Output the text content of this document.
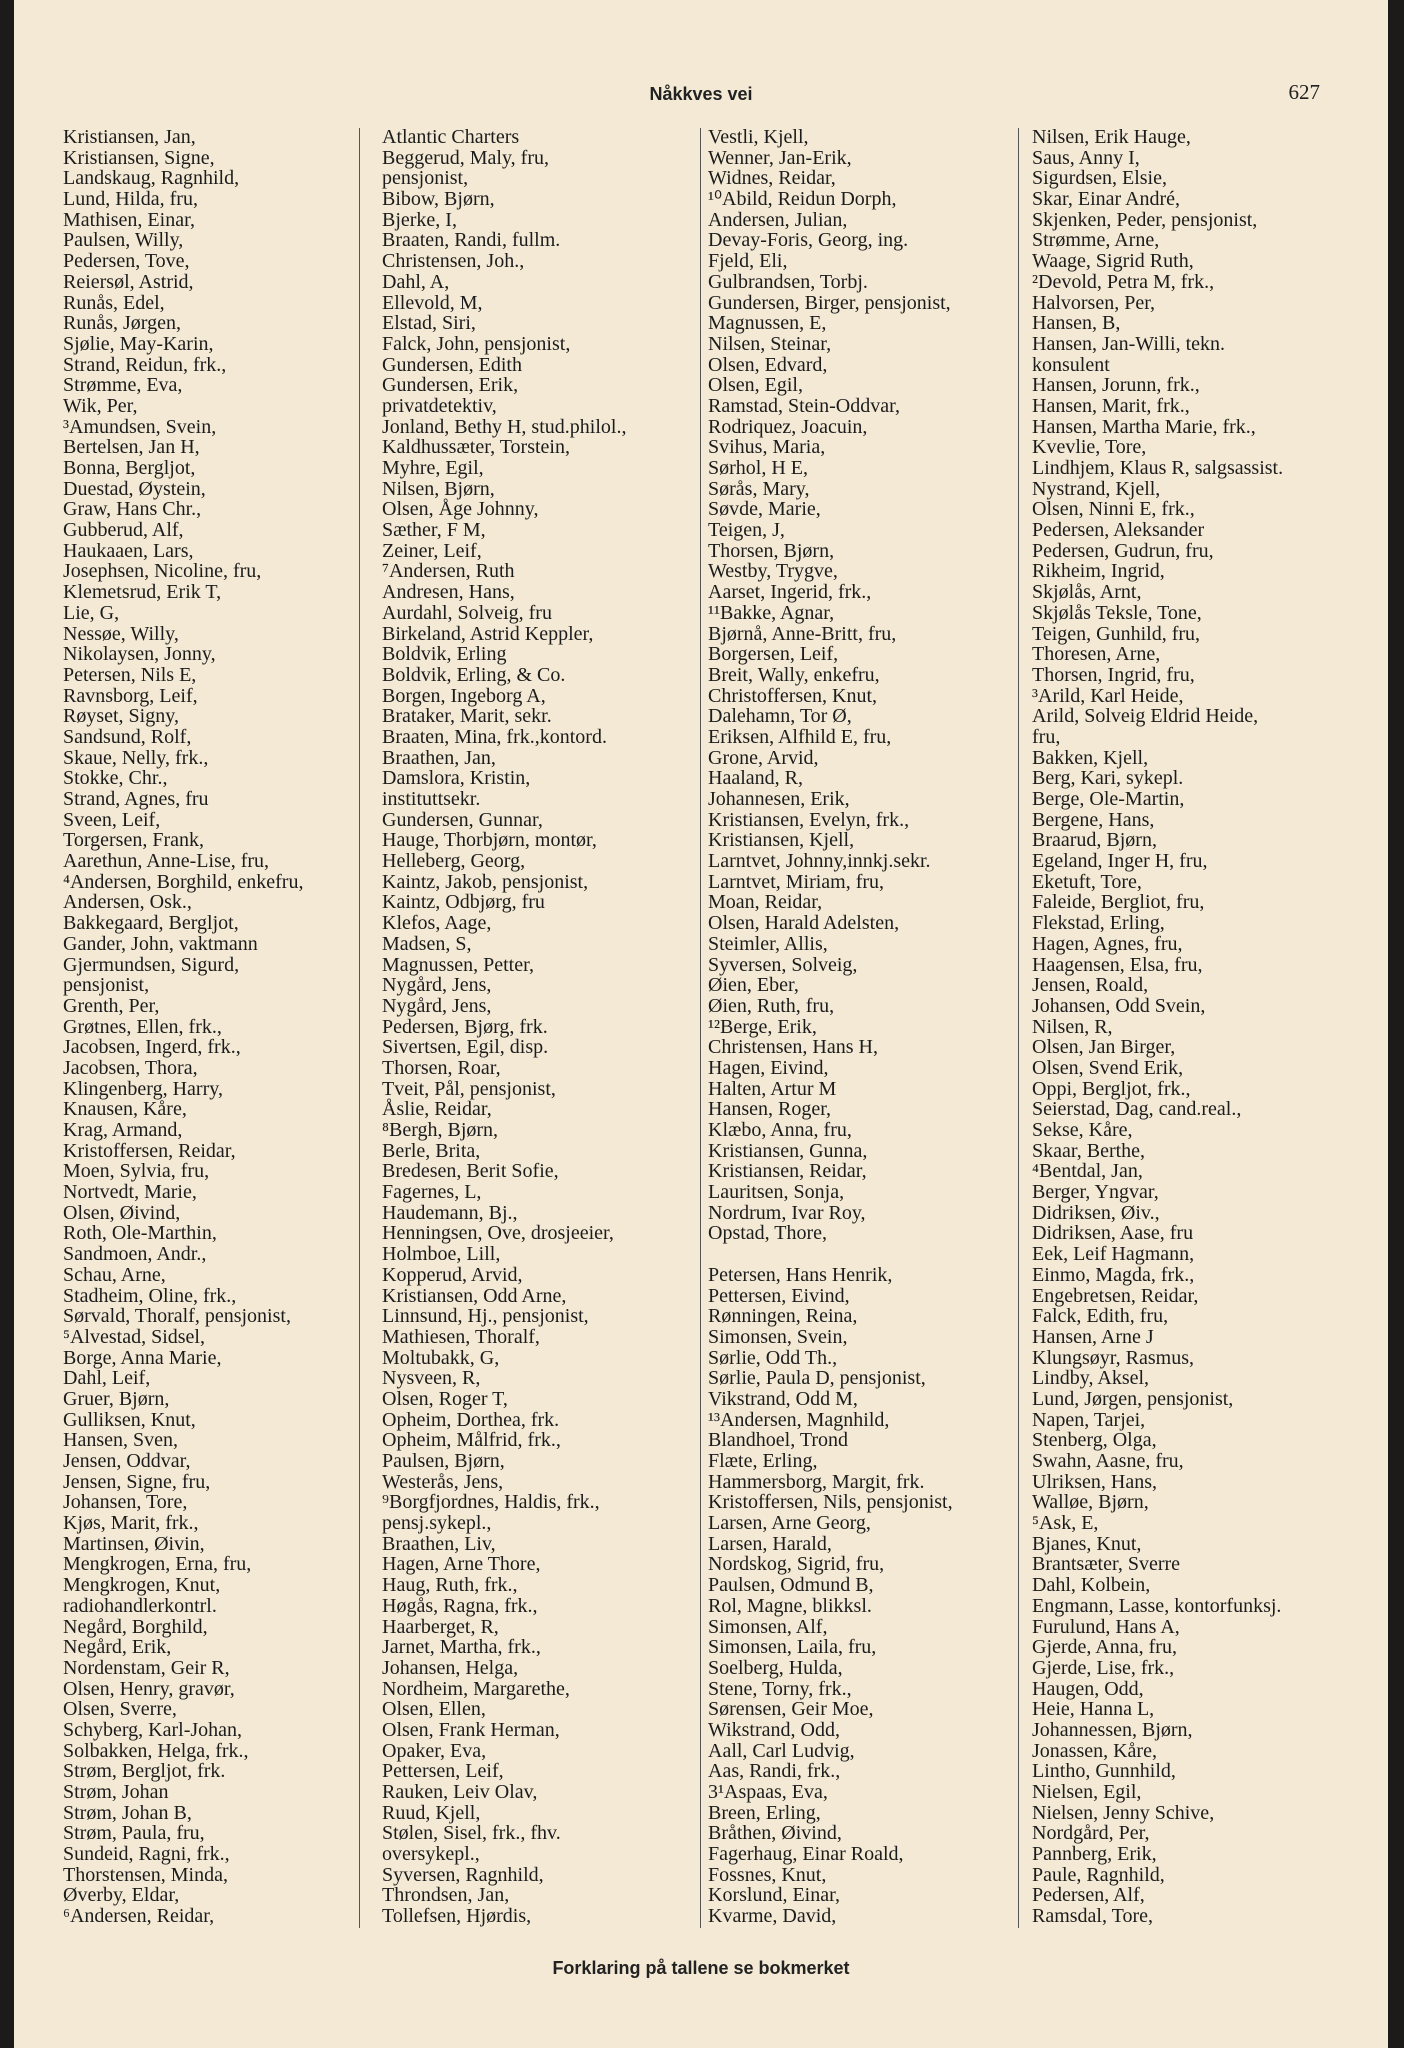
Nåkkves vei	627
Kristiansen, Jan,
Kristiansen, Signe,
Landskaug, Ragnhild,
Lund, Hilda, fru,
Mathisen, Einar,
Paulsen, Willy,
Pedersen, Tove,
Reiersøl, Astrid,
Runås, Edel,
Runås, Jørgen,
Sjølie, May-Karin,
Strand, Reidun, frk.,
Strømme, Eva,
Wik, Per,
³Amundsen, Svein,
Bertelsen, Jan H,
Bonna, Bergljot,
Duestad, Øystein,
Graw, Hans Chr.,
Gubberud, Alf,
Haukaaen, Lars,
Josephsen, Nicoline, fru,
Klemetsrud, Erik T,
Lie, G,
Nessøe, Willy,
Nikolaysen, Jonny,
Petersen, Nils E,
Ravnsborg, Leif,
Røyset, Signy,
Sandsund, Rolf,
Skaue, Nelly, frk.,
Stokke, Chr.,
Strand, Agnes, fru
Sveen, Leif,
Torgersen, Frank,
Aarethun, Anne-Lise, fru,
⁴Andersen, Borghild, enkefru,
Andersen, Osk.,
Bakkegaard, Bergljot,
Gander, John, vaktmann
Gjermundsen, Sigurd,
pensjonist,
Grenth, Per,
Grøtnes, Ellen, frk.,
Jacobsen, Ingerd, frk.,
Jacobsen, Thora,
Klingenberg, Harry,
Knausen, Kåre,
Krag, Armand,
Kristoffersen, Reidar,
Moen, Sylvia, fru,
Nortvedt, Marie,
Olsen, Øivind,
Roth, Ole-Marthin,
Sandmoen, Andr.,
Schau, Arne,
Stadheim, Oline, frk.,
Sørvald, Thoralf, pensjonist,
⁵Alvestad, Sidsel,
Borge, Anna Marie,
Dahl, Leif,
Gruer, Bjørn,
Gulliksen, Knut,
Hansen, Sven,
Jensen, Oddvar,
Jensen, Signe, fru,
Johansen, Tore,
Kjøs, Marit, frk.,
Martinsen, Øivin,
Mengkrogen, Erna, fru,
Mengkrogen, Knut,
radiohandlerkontrl.
Negård, Borghild,
Negård, Erik,
Nordenstam, Geir R,
Olsen, Henry, gravør,
Olsen, Sverre,
Schyberg, Karl-Johan,
Solbakken, Helga, frk.,
Strøm, Bergljot, frk.
Strøm, Johan
Strøm, Johan B,
Strøm, Paula, fru,
Sundeid, Ragni, frk.,
Thorstensen, Minda,
Øverby, Eldar,
⁶Andersen, Reidar,
Atlantic Charters
Beggerud, Maly, fru,
pensjonist,
Bibow, Bjørn,
Bjerke, I,
Braaten, Randi, fullm.
Christensen, Joh.,
Dahl, A,
Ellevold, M,
Elstad, Siri,
Falck, John, pensjonist,
Gundersen, Edith
Gundersen, Erik,
privatdetektiv,
Jonland, Bethy H, stud.philol.,
Kaldhussæter, Torstein,
Myhre, Egil,
Nilsen, Bjørn,
Olsen, Åge Johnny,
Sæther, F M,
Zeiner, Leif,
⁷Andersen, Ruth
Andresen, Hans,
Aurdahl, Solveig, fru
Birkeland, Astrid Keppler,
Boldvik, Erling
Boldvik, Erling, & Co.
Borgen, Ingeborg A,
Brataker, Marit, sekr.
Braaten, Mina, frk.,kontord.
Braathen, Jan,
Damslora, Kristin,
instituttsekr.
Gundersen, Gunnar,
Hauge, Thorbjørn, montør,
Helleberg, Georg,
Kaintz, Jakob, pensjonist,
Kaintz, Odbjørg, fru
Klefos, Aage,
Madsen, S,
Magnussen, Petter,
Nygård, Jens,
Nygård, Jens,
Pedersen, Bjørg, frk.
Sivertsen, Egil, disp.
Thorsen, Roar,
Tveit, Pål, pensjonist,
Åslie, Reidar,
⁸Bergh, Bjørn,
Berle, Brita,
Bredesen, Berit Sofie,
Fagernes, L,
Haudemann, Bj.,
Henningsen, Ove, drosjeeier,
Holmboe, Lill,
Kopperud, Arvid,
Kristiansen, Odd Arne,
Linnsund, Hj., pensjonist,
Mathiesen, Thoralf,
Moltubakk, G,
Nysveen, R,
Olsen, Roger T,
Opheim, Dorthea, frk.
Opheim, Målfrid, frk.,
Paulsen, Bjørn,
Westerås, Jens,
⁹Borgfjordnes, Haldis, frk.,
pensj.sykepl.,
Braathen, Liv,
Hagen, Arne Thore,
Haug, Ruth, frk.,
Høgås, Ragna, frk.,
Haarberget, R,
Jarnet, Martha, frk.,
Johansen, Helga,
Nordheim, Margarethe,
Olsen, Ellen,
Olsen, Frank Herman,
Opaker, Eva,
Pettersen, Leif,
Rauken, Leiv Olav,
Ruud, Kjell,
Stølen, Sisel, frk., fhv.
oversykepl.,
Syversen, Ragnhild,
Throndsen, Jan,
Tollefsen, Hjørdis,
Vestli, Kjell,
Wenner, Jan-Erik,
Widnes, Reidar,
¹⁰Abild, Reidun Dorph,
Andersen, Julian,
Devay-Foris, Georg, ing.
Fjeld, Eli,
Gulbrandsen, Torbj.
Gundersen, Birger, pensjonist,
Magnussen, E,
Nilsen, Steinar,
Olsen, Edvard,
Olsen, Egil,
Ramstad, Stein-Oddvar,
Rodriquez, Joacuin,
Svihus, Maria,
Sørhol, H E,
Sørås, Mary,
Søvde, Marie,
Teigen, J,
Thorsen, Bjørn,
Westby, Trygve,
Aarset, Ingerid, frk.,
¹¹Bakke, Agnar,
Bjørnå, Anne-Britt, fru,
Borgersen, Leif,
Breit, Wally, enkefru,
Christoffersen, Knut,
Dalehamn, Tor Ø,
Eriksen, Alfhild E, fru,
Grone, Arvid,
Haaland, R,
Johannesen, Erik,
Kristiansen, Evelyn, frk.,
Kristiansen, Kjell,
Larntvet, Johnny,innkj.sekr.
Larntvet, Miriam, fru,
Moan, Reidar,
Olsen, Harald Adelsten,
Steimler, Allis,
Syversen, Solveig,
Øien, Eber,
Øien, Ruth, fru,
¹²Berge, Erik,
Christensen, Hans H,
Hagen, Eivind,
Halten, Artur M
Hansen, Roger,
Klæbo, Anna, fru,
Kristiansen, Gunna,
Kristiansen, Reidar,
Lauritsen, Sonja,
Nordrum, Ivar Roy,
Opstad, Thore,
Petersen, Hans Henrik,
Pettersen, Eivind,
Rønningen, Reina,
Simonsen, Svein,
Sørlie, Odd Th.,
Sørlie, Paula D, pensjonist,
Vikstrand, Odd M,
¹³Andersen, Magnhild,
Blandhoel, Trond
Flæte, Erling,
Hammersborg, Margit, frk.
Kristoffersen, Nils, pensjonist,
Larsen, Arne Georg,
Larsen, Harald,
Nordskog, Sigrid, fru,
Paulsen, Odmund B,
Rol, Magne, blikksl.
Simonsen, Alf,
Simonsen, Laila, fru,
Soelberg, Hulda,
Stene, Torny, frk.,
Sørensen, Geir Moe,
Wikstrand, Odd,
Aall, Carl Ludvig,
Aas, Randi, frk.,
3¹Aspaas, Eva,
Breen, Erling,
Bråthen, Øivind,
Fagerhaug, Einar Roald,
Fossnes, Knut,
Korslund, Einar,
Kvarme, David,
Nilsen, Erik Hauge,
Saus, Anny I,
Sigurdsen, Elsie,
Skar, Einar André,
Skjenken, Peder, pensjonist,
Strømme, Arne,
Waage, Sigrid Ruth,
²Devold, Petra M, frk.,
Halvorsen, Per,
Hansen, B,
Hansen, Jan-Willi, tekn.
konsulent
Hansen, Jorunn, frk.,
Hansen, Marit, frk.,
Hansen, Martha Marie, frk.,
Kvevlie, Tore,
Lindhjem, Klaus R, salgsassist.
Nystrand, Kjell,
Olsen, Ninni E, frk.,
Pedersen, Aleksander
Pedersen, Gudrun, fru,
Rikheim, Ingrid,
Skjølås, Arnt,
Skjølås Teksle, Tone,
Teigen, Gunhild, fru,
Thoresen, Arne,
Thorsen, Ingrid, fru,
³Arild, Karl Heide,
Arild, Solveig Eldrid Heide,
fru,
Bakken, Kjell,
Berg, Kari, sykepl.
Berge, Ole-Martin,
Bergene, Hans,
Braarud, Bjørn,
Egeland, Inger H, fru,
Eketuft, Tore,
Faleide, Bergliot, fru,
Flekstad, Erling,
Hagen, Agnes, fru,
Haagensen, Elsa, fru,
Jensen, Roald,
Johansen, Odd Svein,
Nilsen, R,
Olsen, Jan Birger,
Olsen, Svend Erik,
Oppi, Bergljot, frk.,
Seierstad, Dag, cand.real.,
Sekse, Kåre,
Skaar, Berthe,
⁴Bentdal, Jan,
Berger, Yngvar,
Didriksen, Øiv.,
Didriksen, Aase, fru
Eek, Leif Hagmann,
Einmo, Magda, frk.,
Engebretsen, Reidar,
Falck, Edith, fru,
Hansen, Arne J
Klungsøyr, Rasmus,
Lindby, Aksel,
Lund, Jørgen, pensjonist,
Napen, Tarjei,
Stenberg, Olga,
Swahn, Aasne, fru,
Ulriksen, Hans,
Walløe, Bjørn,
⁵Ask, E,
Bjanes, Knut,
Brantsæter, Sverre
Dahl, Kolbein,
Engmann, Lasse, kontorfunksj.
Furulund, Hans A,
Gjerde, Anna, fru,
Gjerde, Lise, frk.,
Haugen, Odd,
Heie, Hanna L,
Johannessen, Bjørn,
Jonassen, Kåre,
Lintho, Gunnhild,
Nielsen, Egil,
Nielsen, Jenny Schive,
Nordgård, Per,
Pannberg, Erik,
Paule, Ragnhild,
Pedersen, Alf,
Ramsdal, Tore,
Forklaring på tallene se bokmerket
